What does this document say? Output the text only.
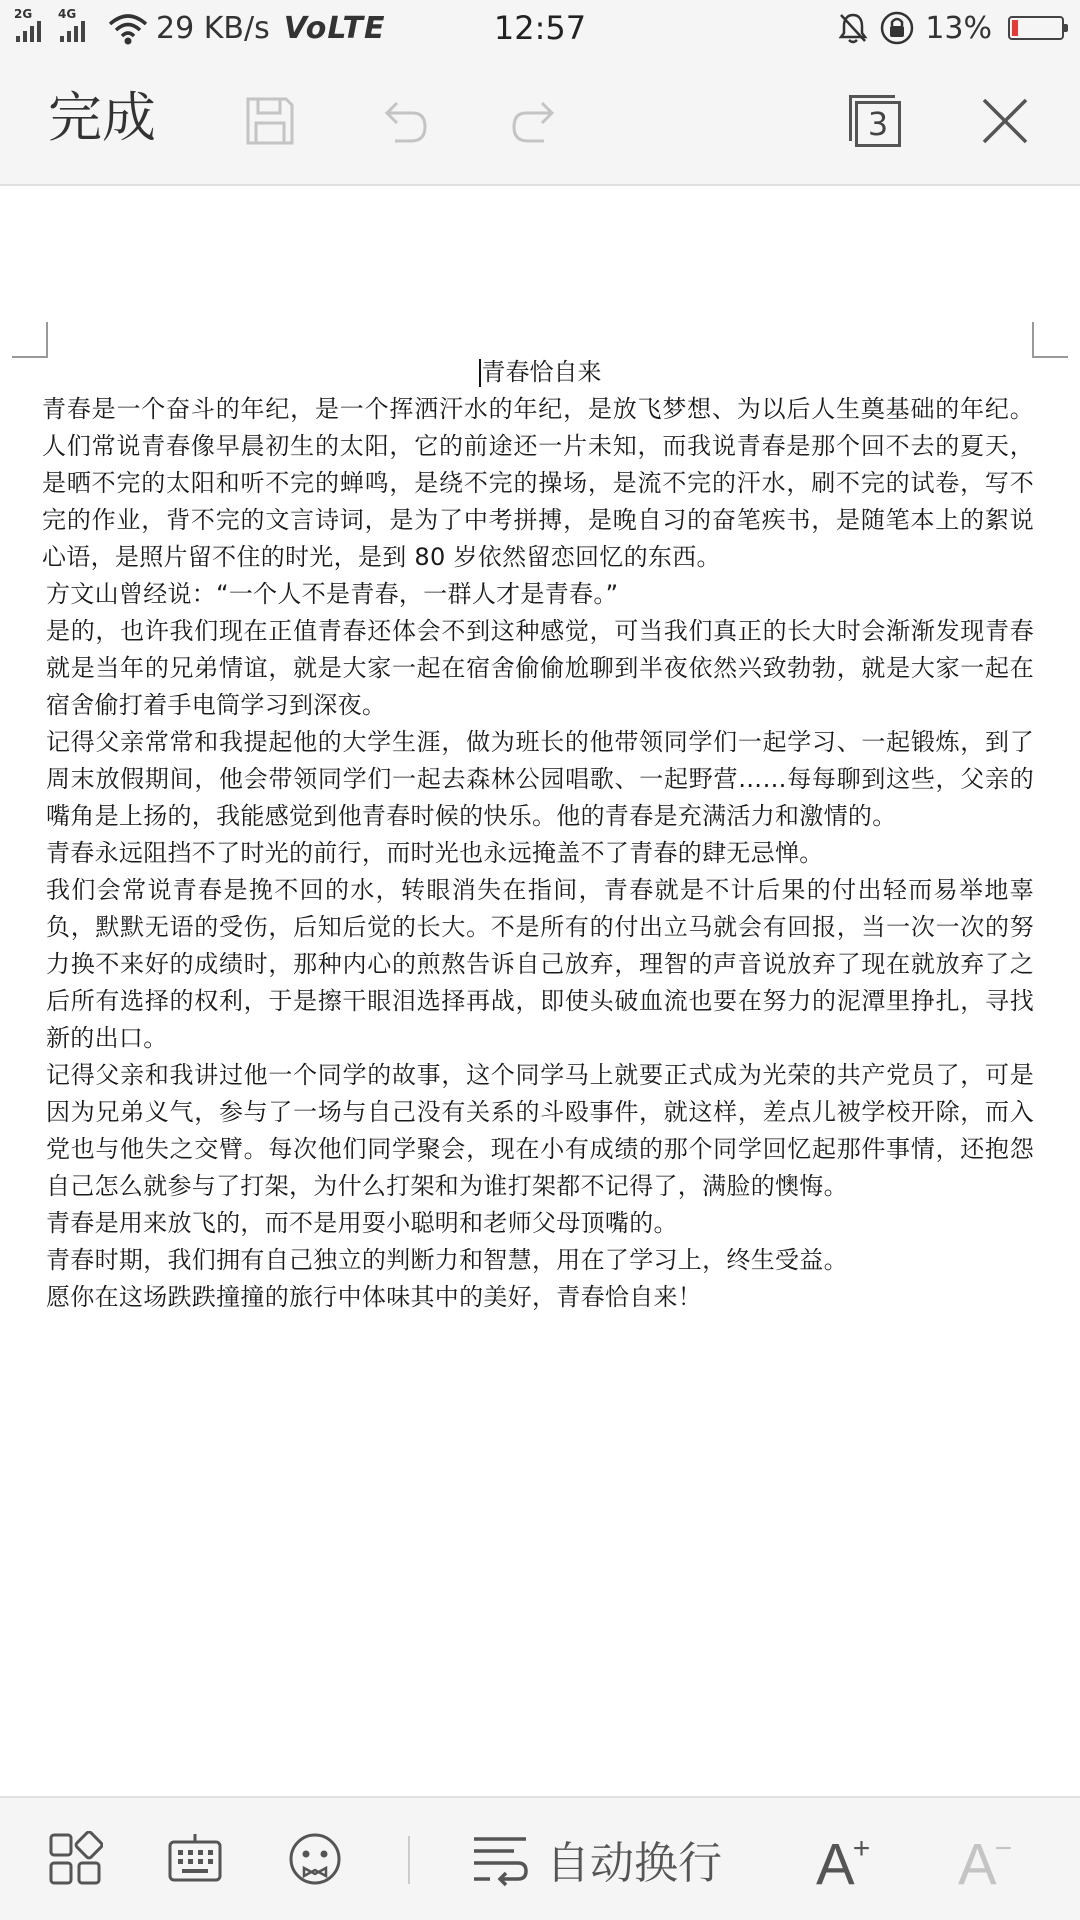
2G 4G	29 KB/s VoLTE	12:57	13%
完成	3
青春恰自来

青春是一个奋斗的年纪，是一个挥洒汗水的年纪，是放飞梦想、为以后人生奠基础的年纪。人们常说青春像早晨初生的太阳，它的前途还一片未知，而我说青春是那个回不去的夏天，是晒不完的太阳和听不完的蝉鸣，是绕不完的操场，是流不完的汗水，刷不完的试卷，写不完的作业，背不完的文言诗词，是为了中考拼搏，是晚自习的奋笔疾书，是随笔本上的絮说心语，是照片留不住的时光，是到 80 岁依然留恋回忆的东西。

方文山曾经说：“一个人不是青春，一群人才是青春。”

是的，也许我们现在正值青春还体会不到这种感觉，可当我们真正的长大时会渐渐发现青春就是当年的兄弟情谊，就是大家一起在宿舍偷偷尬聊到半夜依然兴致勃勃，就是大家一起在宿舍偷打着手电筒学习到深夜。

记得父亲常常和我提起他的大学生涯，做为班长的他带领同学们一起学习、一起锻炼，到了周末放假期间，他会带领同学们一起去森林公园唱歌、一起野营……每每聊到这些，父亲的嘴角是上扬的，我能感觉到他青春时候的快乐。他的青春是充满活力和激情的。

青春永远阻挡不了时光的前行，而时光也永远掩盖不了青春的肆无忌惮。

我们会常说青春是挽不回的水，转眼消失在指间，青春就是不计后果的付出轻而易举地辜负，默默无语的受伤，后知后觉的长大。不是所有的付出立马就会有回报，当一次一次的努力换不来好的成绩时，那种内心的煎熬告诉自己放弃，理智的声音说放弃了现在就放弃了之后所有选择的权利，于是擦干眼泪选择再战，即使头破血流也要在努力的泥潭里挣扎，寻找新的出口。

记得父亲和我讲过他一个同学的故事，这个同学马上就要正式成为光荣的共产党员了，可是因为兄弟义气，参与了一场与自己没有关系的斗殴事件，就这样，差点儿被学校开除，而入党也与他失之交臂。每次他们同学聚会，现在小有成绩的那个同学回忆起那件事情，还抱怨自己怎么就参与了打架，为什么打架和为谁打架都不记得了，满脸的懊悔。

青春是用来放飞的，而不是用耍小聪明和老师父母顶嘴的。

青春时期，我们拥有自己独立的判断力和智慧，用在了学习上，终生受益。

愿你在这场跌跌撞撞的旅行中体味其中的美好，青春恰自来！

自动换行 A+ A−
